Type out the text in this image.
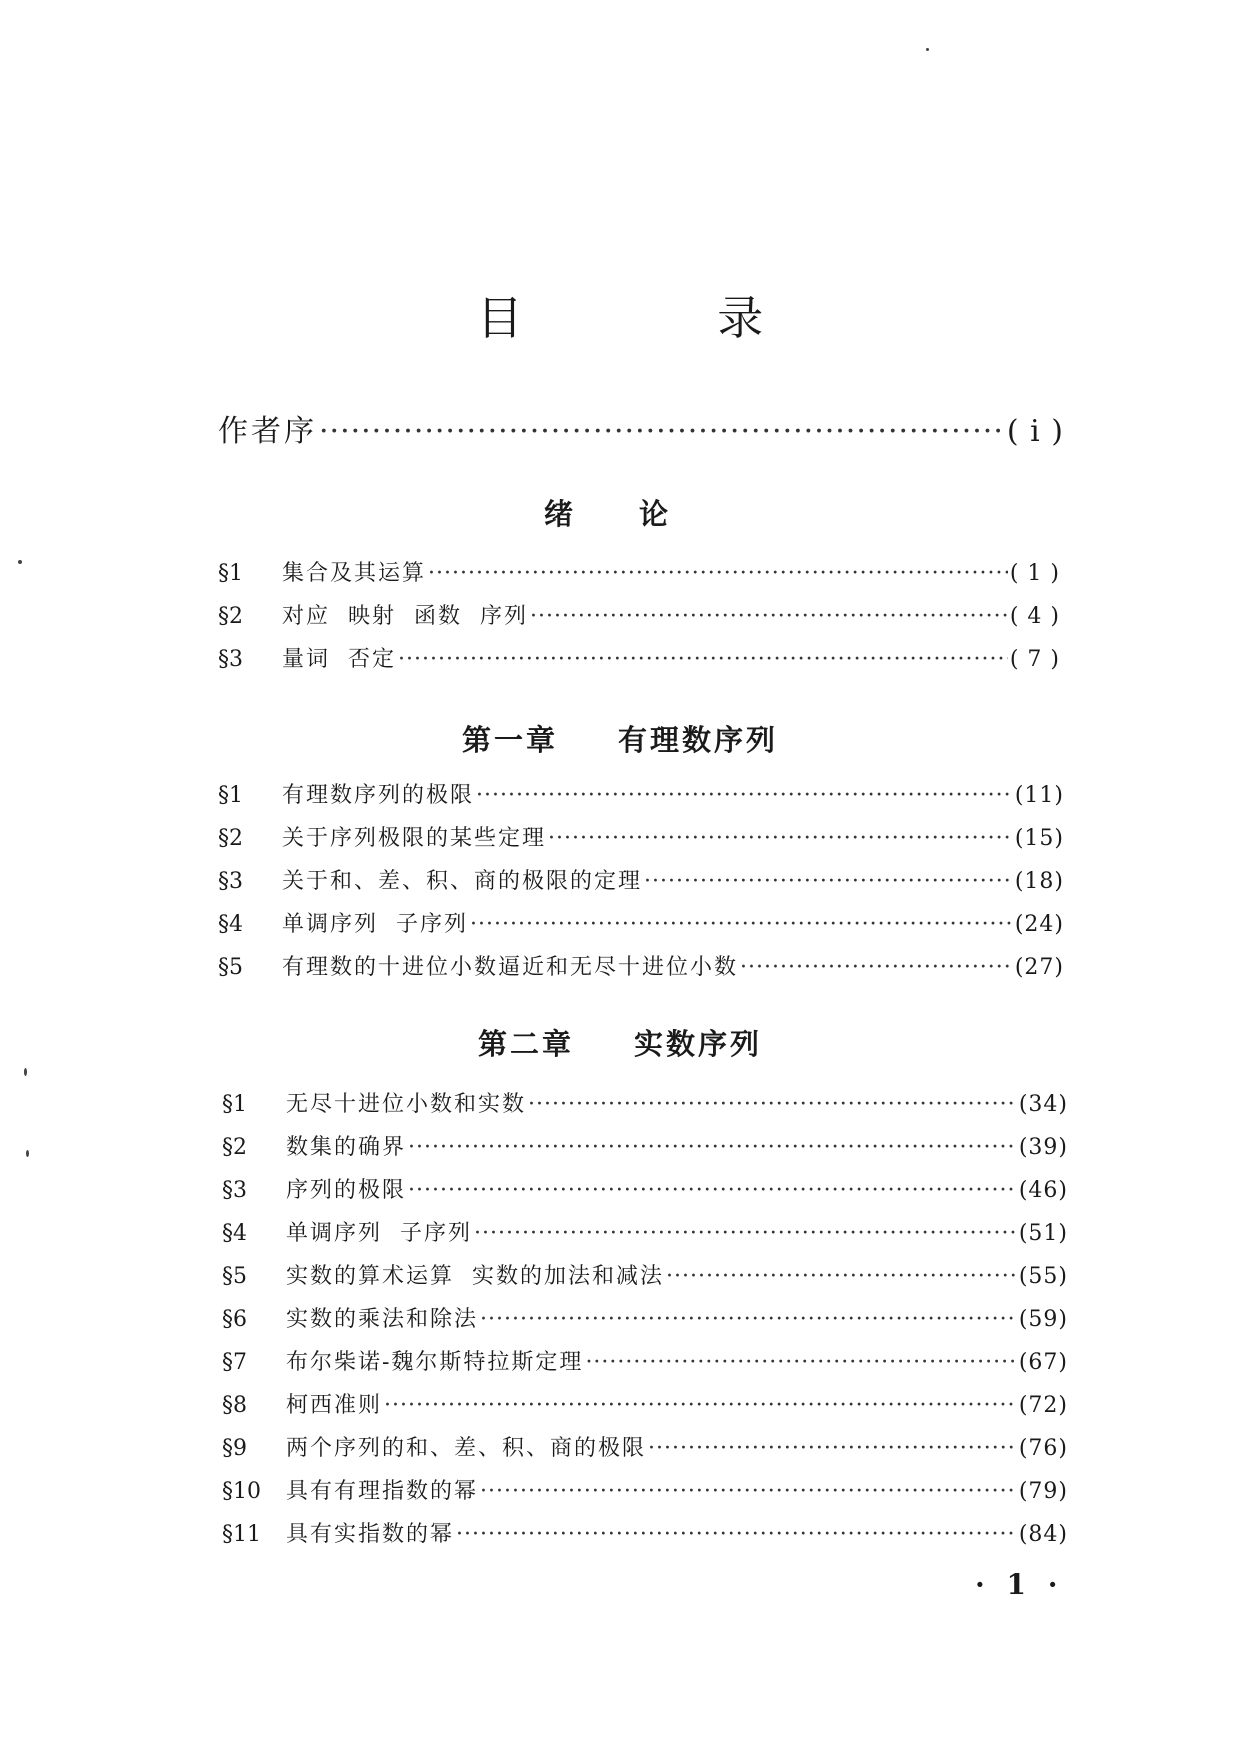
目 录
作者序 ·····	( i )
绪 论
§1	集合及其运算 ·····	( 1 )
§2	对应  映射  函数  序列 ·····	( 4 )
§3	量词  否定 ·····	( 7 )
第一章 有理数序列
§1	有理数序列的极限 ·····	(11)
§2	关于序列极限的某些定理 ·····	(15)
§3	关于和、差、积、商的极限的定理 ·····	(18)
§4	单调序列  子序列 ·····	(24)
§5	有理数的十进位小数逼近和无尽十进位小数 ·····	(27)
第二章 实数序列
§1	无尽十进位小数和实数 ·····	(34)
§2	数集的确界 ·····	(39)
§3	序列的极限 ·····	(46)
§4	单调序列  子序列 ·····	(51)
§5	实数的算术运算  实数的加法和减法 ·····	(55)
§6	实数的乘法和除法 ·····	(59)
§7	布尔柴诺-魏尔斯特拉斯定理 ·····	(67)
§8	柯西准则 ·····	(72)
§9	两个序列的和、差、积、商的极限 ·····	(76)
§10	具有有理指数的幂 ·····	(79)
§11	具有实指数的幂 ·····	(84)
· 1 ·
